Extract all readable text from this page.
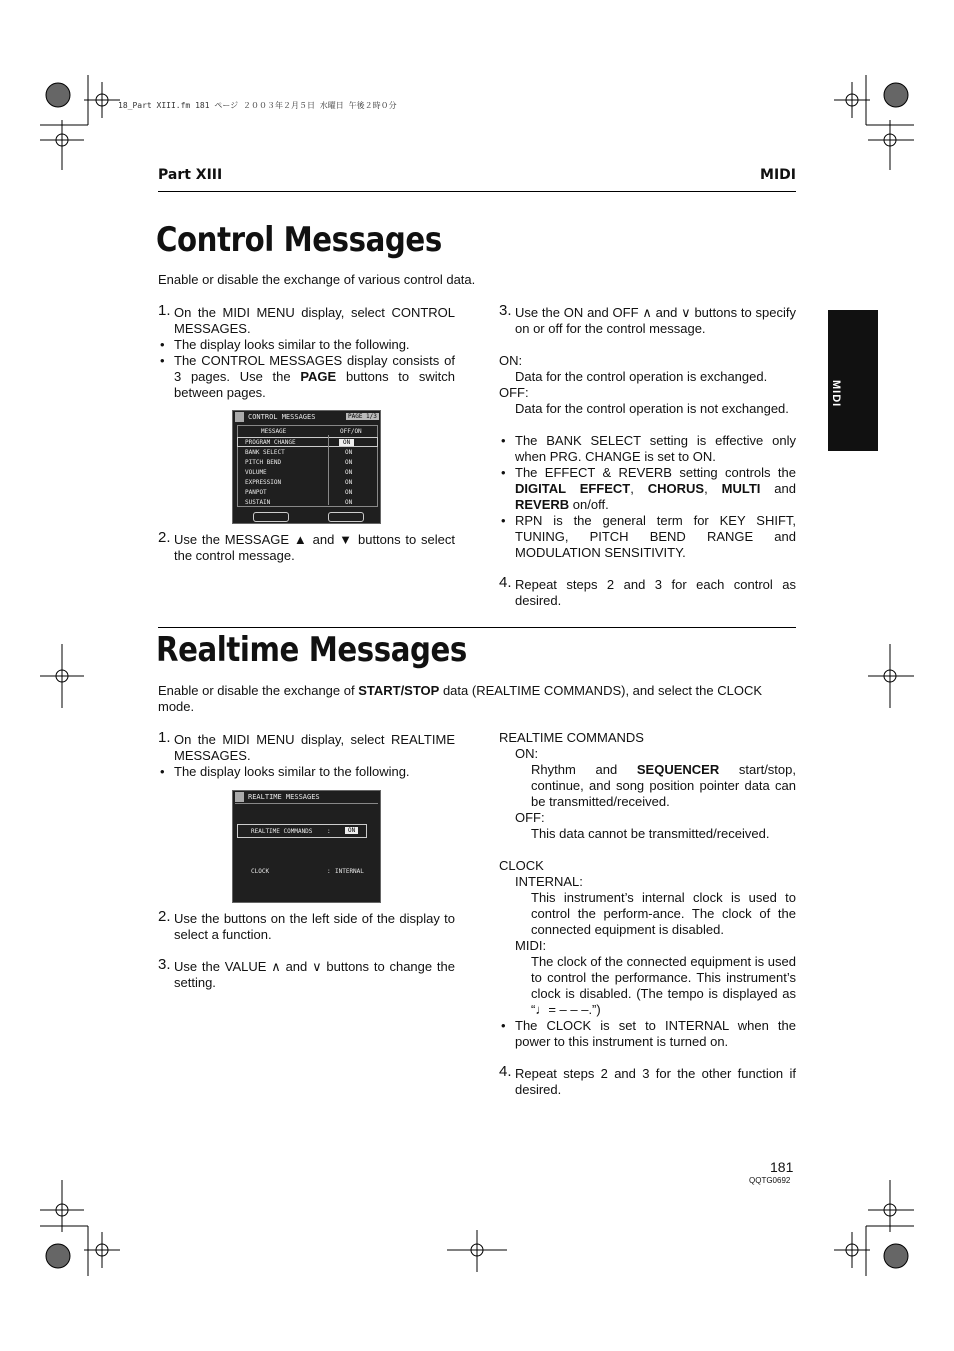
18_Part XIII.fm 181 ページ ２００３年２月５日 水曜日 午後２時０分
Part XIII	MIDI
MIDI
Control Messages

Enable or disable the exchange of various control data.

1. On the MIDI MENU display, select CONTROL MESSAGES.
• The display looks similar to the following.
• The CONTROL MESSAGES display consists of 3 pages. Use the PAGE buttons to switch between pages.
CONTROL MESSAGES	PAGE 1/3
MESSAGE	OFF/ON
PROGRAM CHANGE	ON
BANK SELECT	ON
PITCH BEND	ON
VOLUME	ON
EXPRESSION	ON
PANPOT	ON
SUSTAIN	ON
2. Use the MESSAGE ▲ and ▼ buttons to select the control message.
3. Use the ON and OFF ∧ and ∨ buttons to specify on or off for the control message.
ON:
Data for the control operation is exchanged.
OFF:
Data for the control operation is not exchanged.
• The BANK SELECT setting is effective only when PRG. CHANGE is set to ON.
• The EFFECT & REVERB setting controls the DIGITAL EFFECT, CHORUS, MULTI and REVERB on/off.
• RPN is the general term for KEY SHIFT, TUNING, PITCH BEND RANGE and MODULATION SENSITIVITY.
4. Repeat steps 2 and 3 for each control as desired.
Realtime Messages

Enable or disable the exchange of START/STOP data (REALTIME COMMANDS), and select the CLOCK mode.

1. On the MIDI MENU display, select REALTIME MESSAGES.
• The display looks similar to the following.
REALTIME MESSAGES
REALTIME COMMANDS :	ON
CLOCK	: INTERNAL
2. Use the buttons on the left side of the display to select a function.
3. Use the VALUE ∧ and ∨ buttons to change the setting.
REALTIME COMMANDS
ON:
Rhythm and SEQUENCER start/stop, continue, and song position pointer data can be transmitted/received.
OFF:
This data cannot be transmitted/received.
CLOCK
INTERNAL:
This instrument’s internal clock is used to control the perform-ance. The clock of the connected equipment is disabled.
MIDI:
The clock of the connected equipment is used to control the performance. This instrument’s clock is disabled. (The tempo is displayed as “♩= – – –.”)
• The CLOCK is set to INTERNAL when the power to this instrument is turned on.
4. Repeat steps 2 and 3 for the other function if desired.
181
QQTG0692
